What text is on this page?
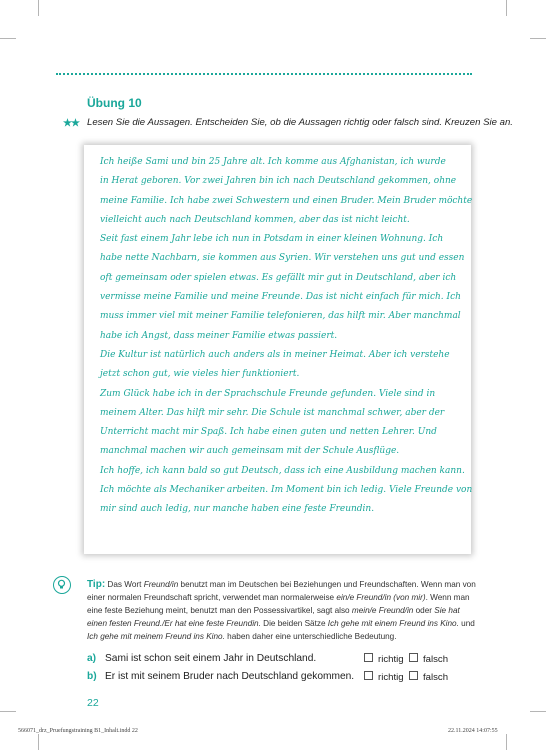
Übung 10
★★ Lesen Sie die Aussagen. Entscheiden Sie, ob die Aussagen richtig oder falsch sind. Kreuzen Sie an.
Ich heiße Sami und bin 25 Jahre alt. Ich komme aus Afghanistan, ich wurde
in Herat geboren. Vor zwei Jahren bin ich nach Deutschland gekommen, ohne
meine Familie. Ich habe zwei Schwestern und einen Bruder. Mein Bruder möchte
vielleicht auch nach Deutschland kommen, aber das ist nicht leicht.
Seit fast einem Jahr lebe ich nun in Potsdam in einer kleinen Wohnung. Ich
habe nette Nachbarn, sie kommen aus Syrien. Wir verstehen uns gut und essen
oft gemeinsam oder spielen etwas. Es gefällt mir gut in Deutschland, aber ich
vermisse meine Familie und meine Freunde. Das ist nicht einfach für mich. Ich
muss immer viel mit meiner Familie telefonieren, das hilft mir. Aber manchmal
habe ich Angst, dass meiner Familie etwas passiert.
Die Kultur ist natürlich auch anders als in meiner Heimat. Aber ich verstehe
jetzt schon gut, wie vieles hier funktioniert.
Zum Glück habe ich in der Sprachschule Freunde gefunden. Viele sind in
meinem Alter. Das hilft mir sehr. Die Schule ist manchmal schwer, aber der
Unterricht macht mir Spaß. Ich habe einen guten und netten Lehrer. Und
manchmal machen wir auch gemeinsam mit der Schule Ausflüge.
Ich hoffe, ich kann bald so gut Deutsch, dass ich eine Ausbildung machen kann.
Ich möchte als Mechaniker arbeiten. Im Moment bin ich ledig. Viele Freunde von
mir sind auch ledig, nur manche haben eine feste Freundin.
Tip: Das Wort Freund/in benutzt man im Deutschen bei Beziehungen und Freundschaften. Wenn man von einer normalen Freundschaft spricht, verwendet man normalerweise ein/e Freund/in (von mir). Wenn man eine feste Beziehung meint, benutzt man den Possessivartikel, sagt also mein/e Freund/in oder Sie hat einen festen Freund./Er hat eine feste Freundin. Die beiden Sätze Ich gehe mit einem Freund ins Kino. und Ich gehe mit meinem Freund ins Kino. haben daher eine unterschiedliche Bedeutung.
a) Sami ist schon seit einem Jahr in Deutschland.	richtig	falsch
b) Er ist mit seinem Bruder nach Deutschland gekommen.	richtig	falsch
22
566071_drz_Pruefungstraining B1_Inhalt.indd 22	22.11.2024 14:07:55
